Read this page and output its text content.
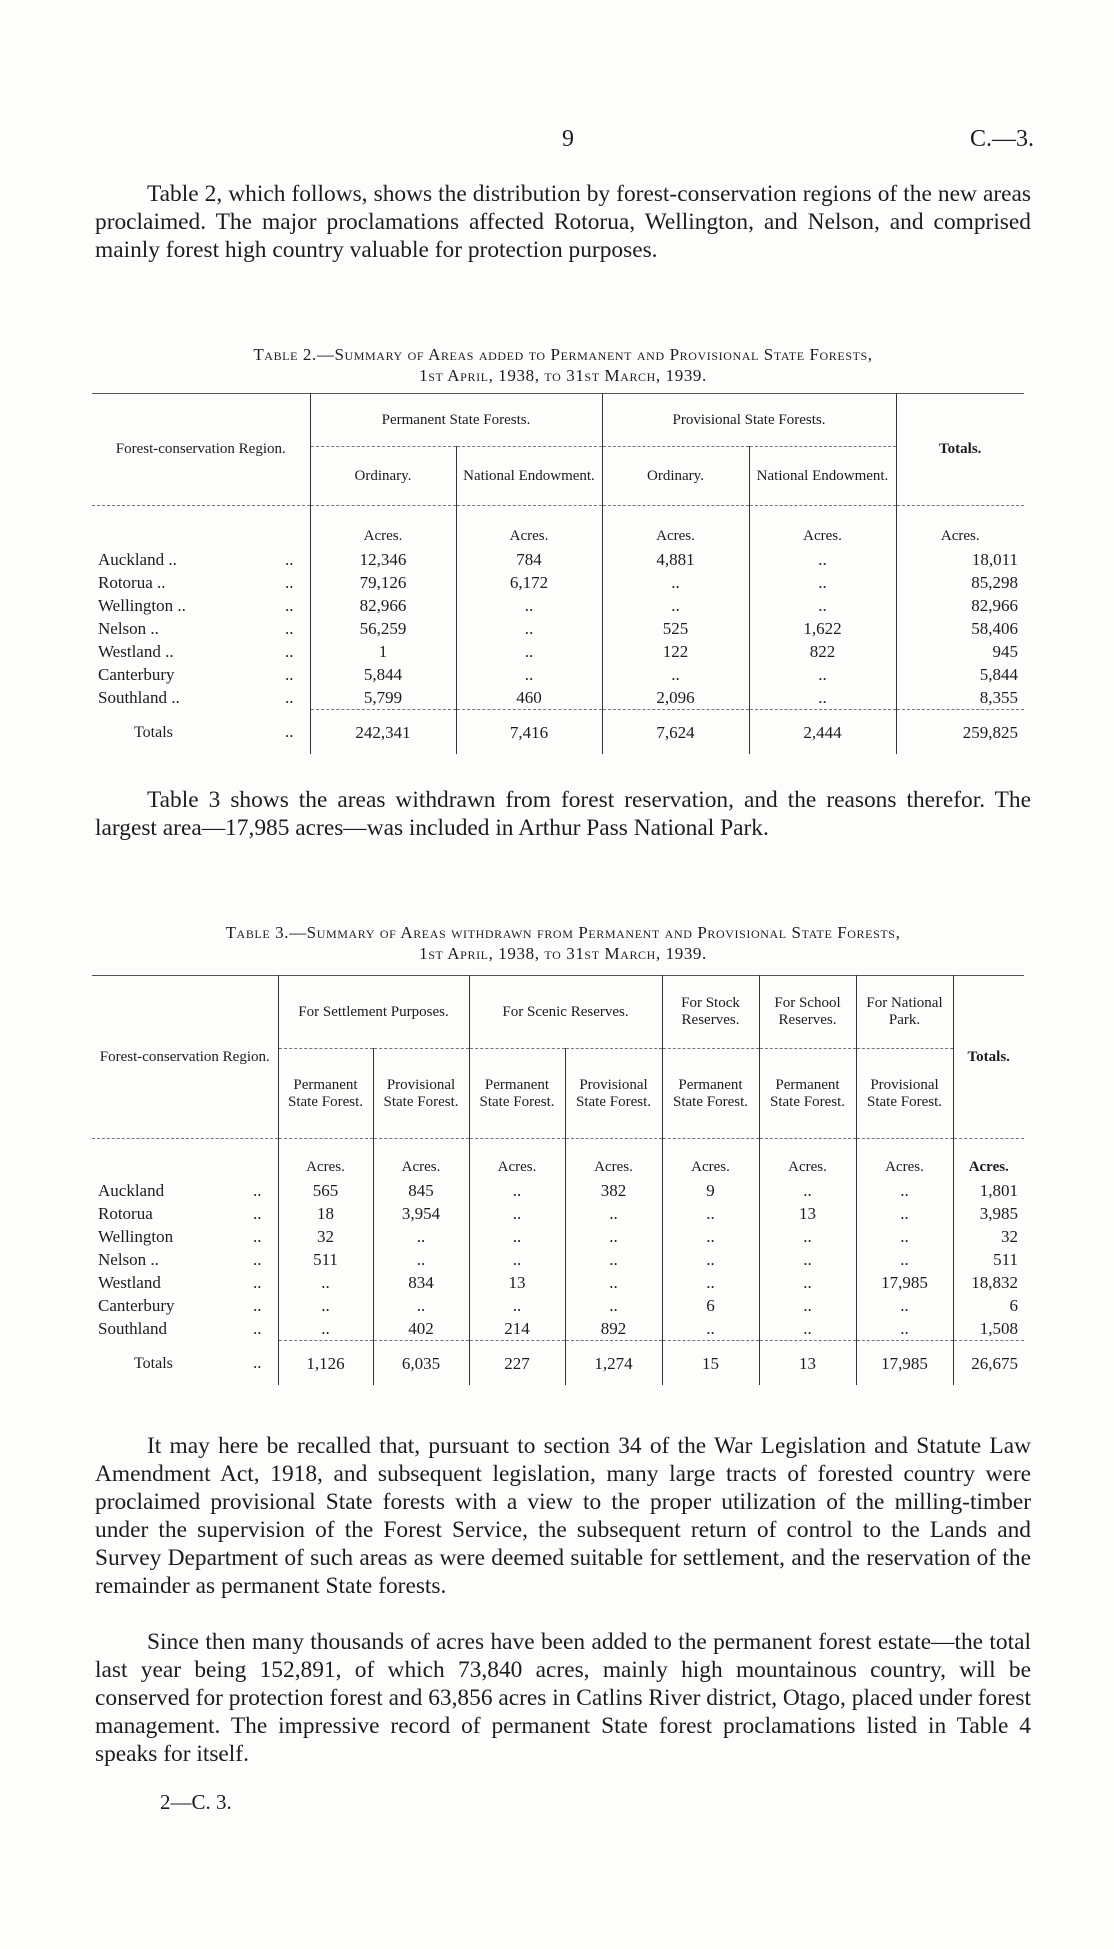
9	C.—3.

Table 2, which follows, shows the distribution by forest-conservation regions of the new areas proclaimed. The major proclamations affected Rotorua, Wellington, and Nelson, and comprised mainly forest high country valuable for protection purposes.

Table 2.—Summary of Areas added to Permanent and Provisional State Forests,
1st April, 1938, to 31st March, 1939.
Forest-conservation Region.	Permanent State Forests.		Provisional State Forests.		Totals.
	Ordinary.	National Endowment.	Ordinary.	National Endowment.	
	Acres.	Acres.	Acres.	Acres.	Acres.
Auckland .. ..	12,346	784	4,881	..	18,011
Rotorua .. ..	79,126	6,172	..	..	85,298
Wellington .. ..	82,966	..	..	..	82,966
Nelson .. ..	56,259	..	525	1,622	58,406
Westland .. ..	1	..	122	822	945
Canterbury ..	5,844	..	..	..	5,844
Southland .. ..	5,799	460	2,096	..	8,355
Totals ..	242,341	7,416	7,624	2,444	259,825

Table 3 shows the areas withdrawn from forest reservation, and the reasons therefor. The largest area—17,985 acres—was included in Arthur Pass National Park.

Table 3.—Summary of Areas withdrawn from Permanent and Provisional State Forests,
1st April, 1938, to 31st March, 1939.
Forest-conservation Region.	For Settlement Purposes.		For Scenic Reserves.		For Stock Reserves.	For School Reserves.	For National Park.	Totals.
	Permanent State Forest.	Provisional State Forest.	Permanent State Forest.	Provisional State Forest.	Permanent State Forest.	Permanent State Forest.	Provisional State Forest.	
	Acres.	Acres.	Acres.	Acres.	Acres.	Acres.	Acres.	Acres.
Auckland ..	565	845	..	382	9	..	..	1,801
Rotorua ..	18	3,954	..	..	..	13	..	3,985
Wellington ..	32	..	..	..	..	..	..	32
Nelson .. ..	511	..	..	..	..	..	..	511
Westland ..	..	834	13	..	..	..	17,985	18,832
Canterbury ..	..	..	..	..	6	..	..	6
Southland ..	..	402	214	892	..	..	..	1,508
Totals ..	1,126	6,035	227	1,274	15	13	17,985	26,675

It may here be recalled that, pursuant to section 34 of the War Legislation and Statute Law Amendment Act, 1918, and subsequent legislation, many large tracts of forested country were proclaimed provisional State forests with a view to the proper utilization of the milling-timber under the supervision of the Forest Service, the subsequent return of control to the Lands and Survey Department of such areas as were deemed suitable for settlement, and the reservation of the remainder as permanent State forests.

Since then many thousands of acres have been added to the permanent forest estate—the total last year being 152,891, of which 73,840 acres, mainly high mountainous country, will be conserved for protection forest and 63,856 acres in Catlins River district, Otago, placed under forest management. The impressive record of permanent State forest proclamations listed in Table 4 speaks for itself.

2—C. 3.
